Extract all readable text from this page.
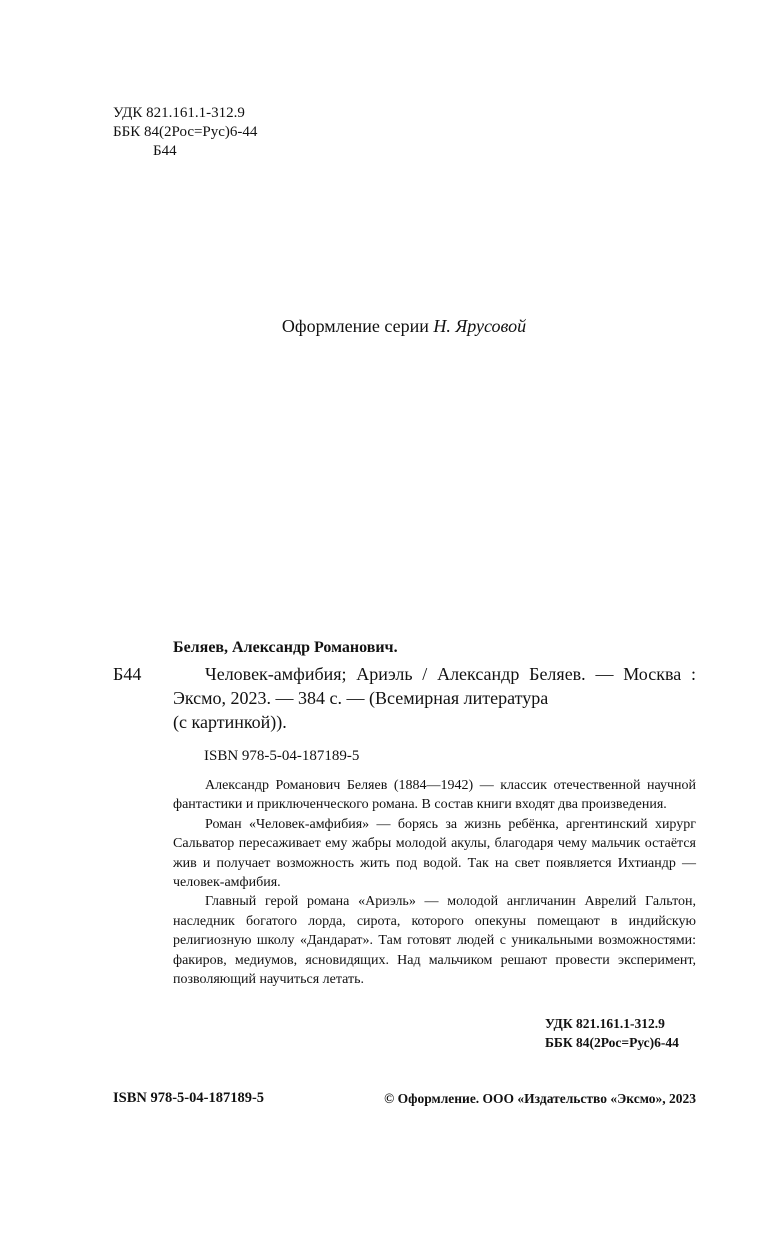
УДК 821.161.1-312.9
ББК 84(2Рос=Рус)6-44
Б44
Оформление серии Н. Ярусовой
Беляев, Александр Романович.
Б44	Человек-амфибия; Ариэль / Александр Беляев. — Москва : Эксмо, 2023. — 384 с. — (Всемирная литература
(с картинкой)).
ISBN 978-5-04-187189-5

Александр Романович Беляев (1884—1942) — классик отечественной научной фантастики и приключенческого романа. В состав книги входят два произведения.

Роман «Человек-амфибия» — борясь за жизнь ребёнка, аргентинский хирург Сальватор пересаживает ему жабры молодой акулы, благодаря чему мальчик остаётся жив и получает возможность жить под водой. Так на свет появляется Ихтиандр — человек-амфибия.

Главный герой романа «Ариэль» — молодой англичанин Аврелий Гальтон, наследник богатого лорда, сирота, которого опекуны помещают в индийскую религиозную школу «Дандарат». Там готовят людей с уникальными возможностями: факиров, медиумов, ясновидящих. Над мальчиком решают провести эксперимент, позволяющий научиться летать.

УДК 821.161.1-312.9
ББК 84(2Рос=Рус)6-44
ISBN 978-5-04-187189-5	© Оформление. ООО «Издательство «Эксмо», 2023
